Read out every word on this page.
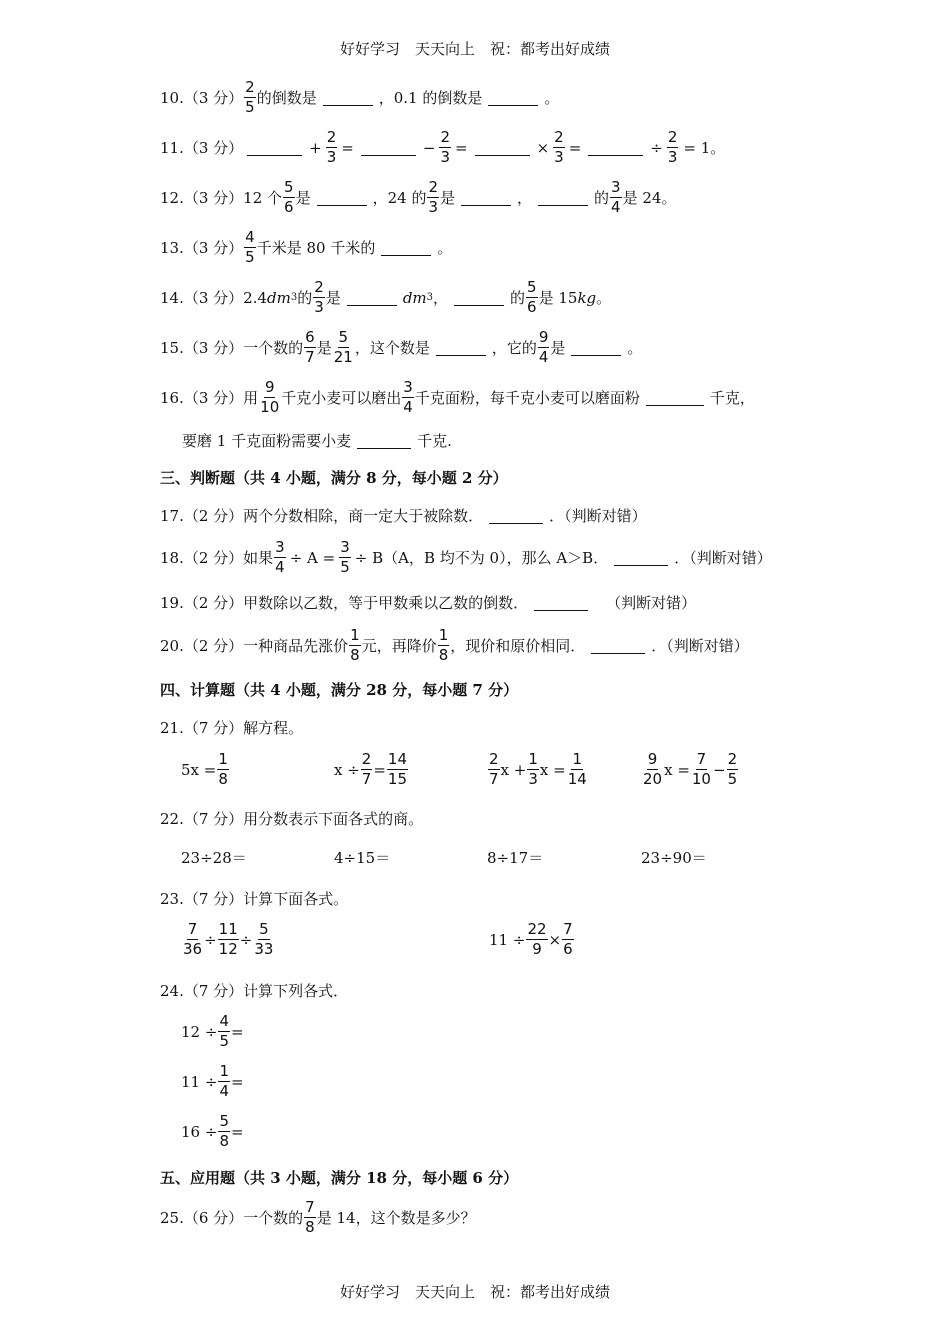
好好学习　天天向上　祝：都考出好成绩
10.（3 分） $\frac{2}{5}$ 的倒数是	，0.1 的倒数是	。
11.（3 分）	+ $\frac{2}{3}$ =	− $\frac{2}{3}$ =	× $\frac{2}{3}$ =	÷ $\frac{2}{3} = 1$。
12.（3 分）12 个 $\frac{5}{6}$ 是	，24 的 $\frac{2}{3}$ 是	，	的 $\frac{3}{4}$ 是 24。
13.（3 分） $\frac{4}{5}$ 千米是 80 千米的	。
14.（3 分）2.4 dm 3 的 $\frac{2}{3}$ 是	dm 3 ，	的 $\frac{5}{6}$ 是 15 kg 。
15.（3 分）一个数的 $\frac{6}{7}$ 是 $\frac{5}{21}$ ，这个数是	，它的 $\frac{9}{4}$ 是	。
16.（3 分）用 $\frac{9}{10}$ 千克小麦可以磨出 $\frac{3}{4}$ 千克面粉，每千克小麦可以磨面粉	千克，
要磨 1 千克面粉需要小麦	千克.
三、判断题（共 4 小题，满分 8 分，每小题 2 分）
17.（2 分）两个分数相除，商一定大于被除数．	．（判断对错）
18.（2 分）如果 $\frac{3}{4} \div A = \frac{3}{5} \div B(A$，B 均不为 0），那么 A＞B．	．（判断对错）
19.（2 分）甲数除以乙数，等于甲数乘以乙数的倒数．	（判断对错）
20.（2 分）一种商品先涨价 $\frac{1}{8}$ 元，再降价 $\frac{1}{8}$ ，现价和原价相同．	．（判断对错）
四、计算题（共 4 小题，满分 28 分，每小题 7 分）
21.（7 分）解方程。
$5x = \frac{1}{8}$	$x \div \frac{2}{7} = \frac{14}{15}$	$\frac{2}{7}$ $x + \frac{1}{3}$ $x = \frac{1}{14}$	$\frac{9}{20}$ $x = \frac{7}{10} - \frac{2}{5}$
22.（7 分）用分数表示下面各式的商。
23÷28＝	4÷15＝	8÷17＝	23÷90＝
23.（7 分）计算下面各式。
$\frac{7}{36} \div \frac{11}{12} \div \frac{5}{33}$	$11 \div \frac{22}{9} \times \frac{7}{6}$
24.（7 分）计算下列各式．
$12 \div \frac{4}{5}$ =
$11 \div \frac{1}{4}$ =
$16 \div \frac{5}{8}$ =
五、应用题（共 3 小题，满分 18 分，每小题 6 分）
25.（6 分）一个数的 $\frac{7}{8}$ 是 14，这个数是多少？
好好学习　天天向上　祝：都考出好成绩
